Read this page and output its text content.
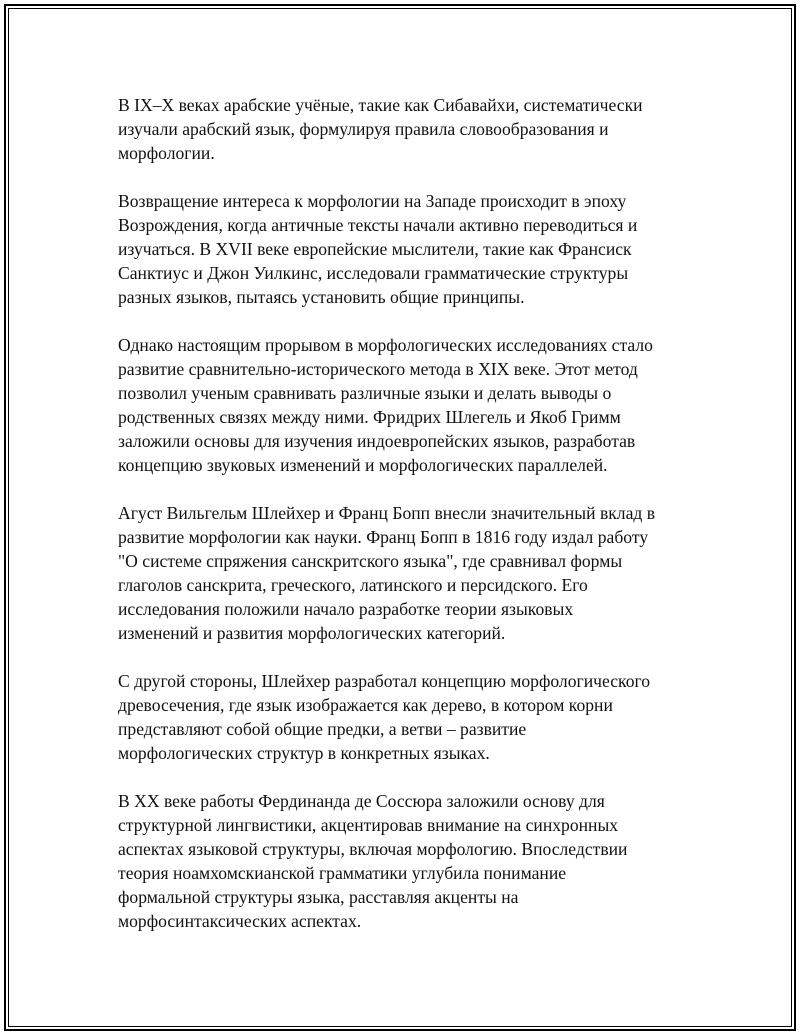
В IX–X веках арабские учёные, такие как Сибавайхи, систематически
изучали арабский язык, формулируя правила словообразования и
морфологии.

Возвращение интереса к морфологии на Западе происходит в эпоху
Возрождения, когда античные тексты начали активно переводиться и
изучаться. В XVII веке европейские мыслители, такие как Франсиск
Санктиус и Джон Уилкинс, исследовали грамматические структуры
разных языков, пытаясь установить общие принципы.

Однако настоящим прорывом в морфологических исследованиях стало
развитие сравнительно-исторического метода в XIX веке. Этот метод
позволил ученым сравнивать различные языки и делать выводы о
родственных связях между ними. Фридрих Шлегель и Якоб Гримм
заложили основы для изучения индоевропейских языков, разработав
концепцию звуковых изменений и морфологических параллелей.

Агуст Вильгельм Шлейхер и Франц Бопп внесли значительный вклад в
развитие морфологии как науки. Франц Бопп в 1816 году издал работу
"О системе спряжения санскритского языка", где сравнивал формы
глаголов санскрита, греческого, латинского и персидского. Его
исследования положили начало разработке теории языковых
изменений и развития морфологических категорий.

С другой стороны, Шлейхер разработал концепцию морфологического
древосечения, где язык изображается как дерево, в котором корни
представляют собой общие предки, а ветви – развитие
морфологических структур в конкретных языках.

В XX веке работы Фердинанда де Соссюра заложили основу для
структурной лингвистики, акцентировав внимание на синхронных
аспектах языковой структуры, включая морфологию. Впоследствии
теория ноамхомскианской грамматики углубила понимание
формальной структуры языка, расставляя акценты на
морфосинтаксических аспектах.
